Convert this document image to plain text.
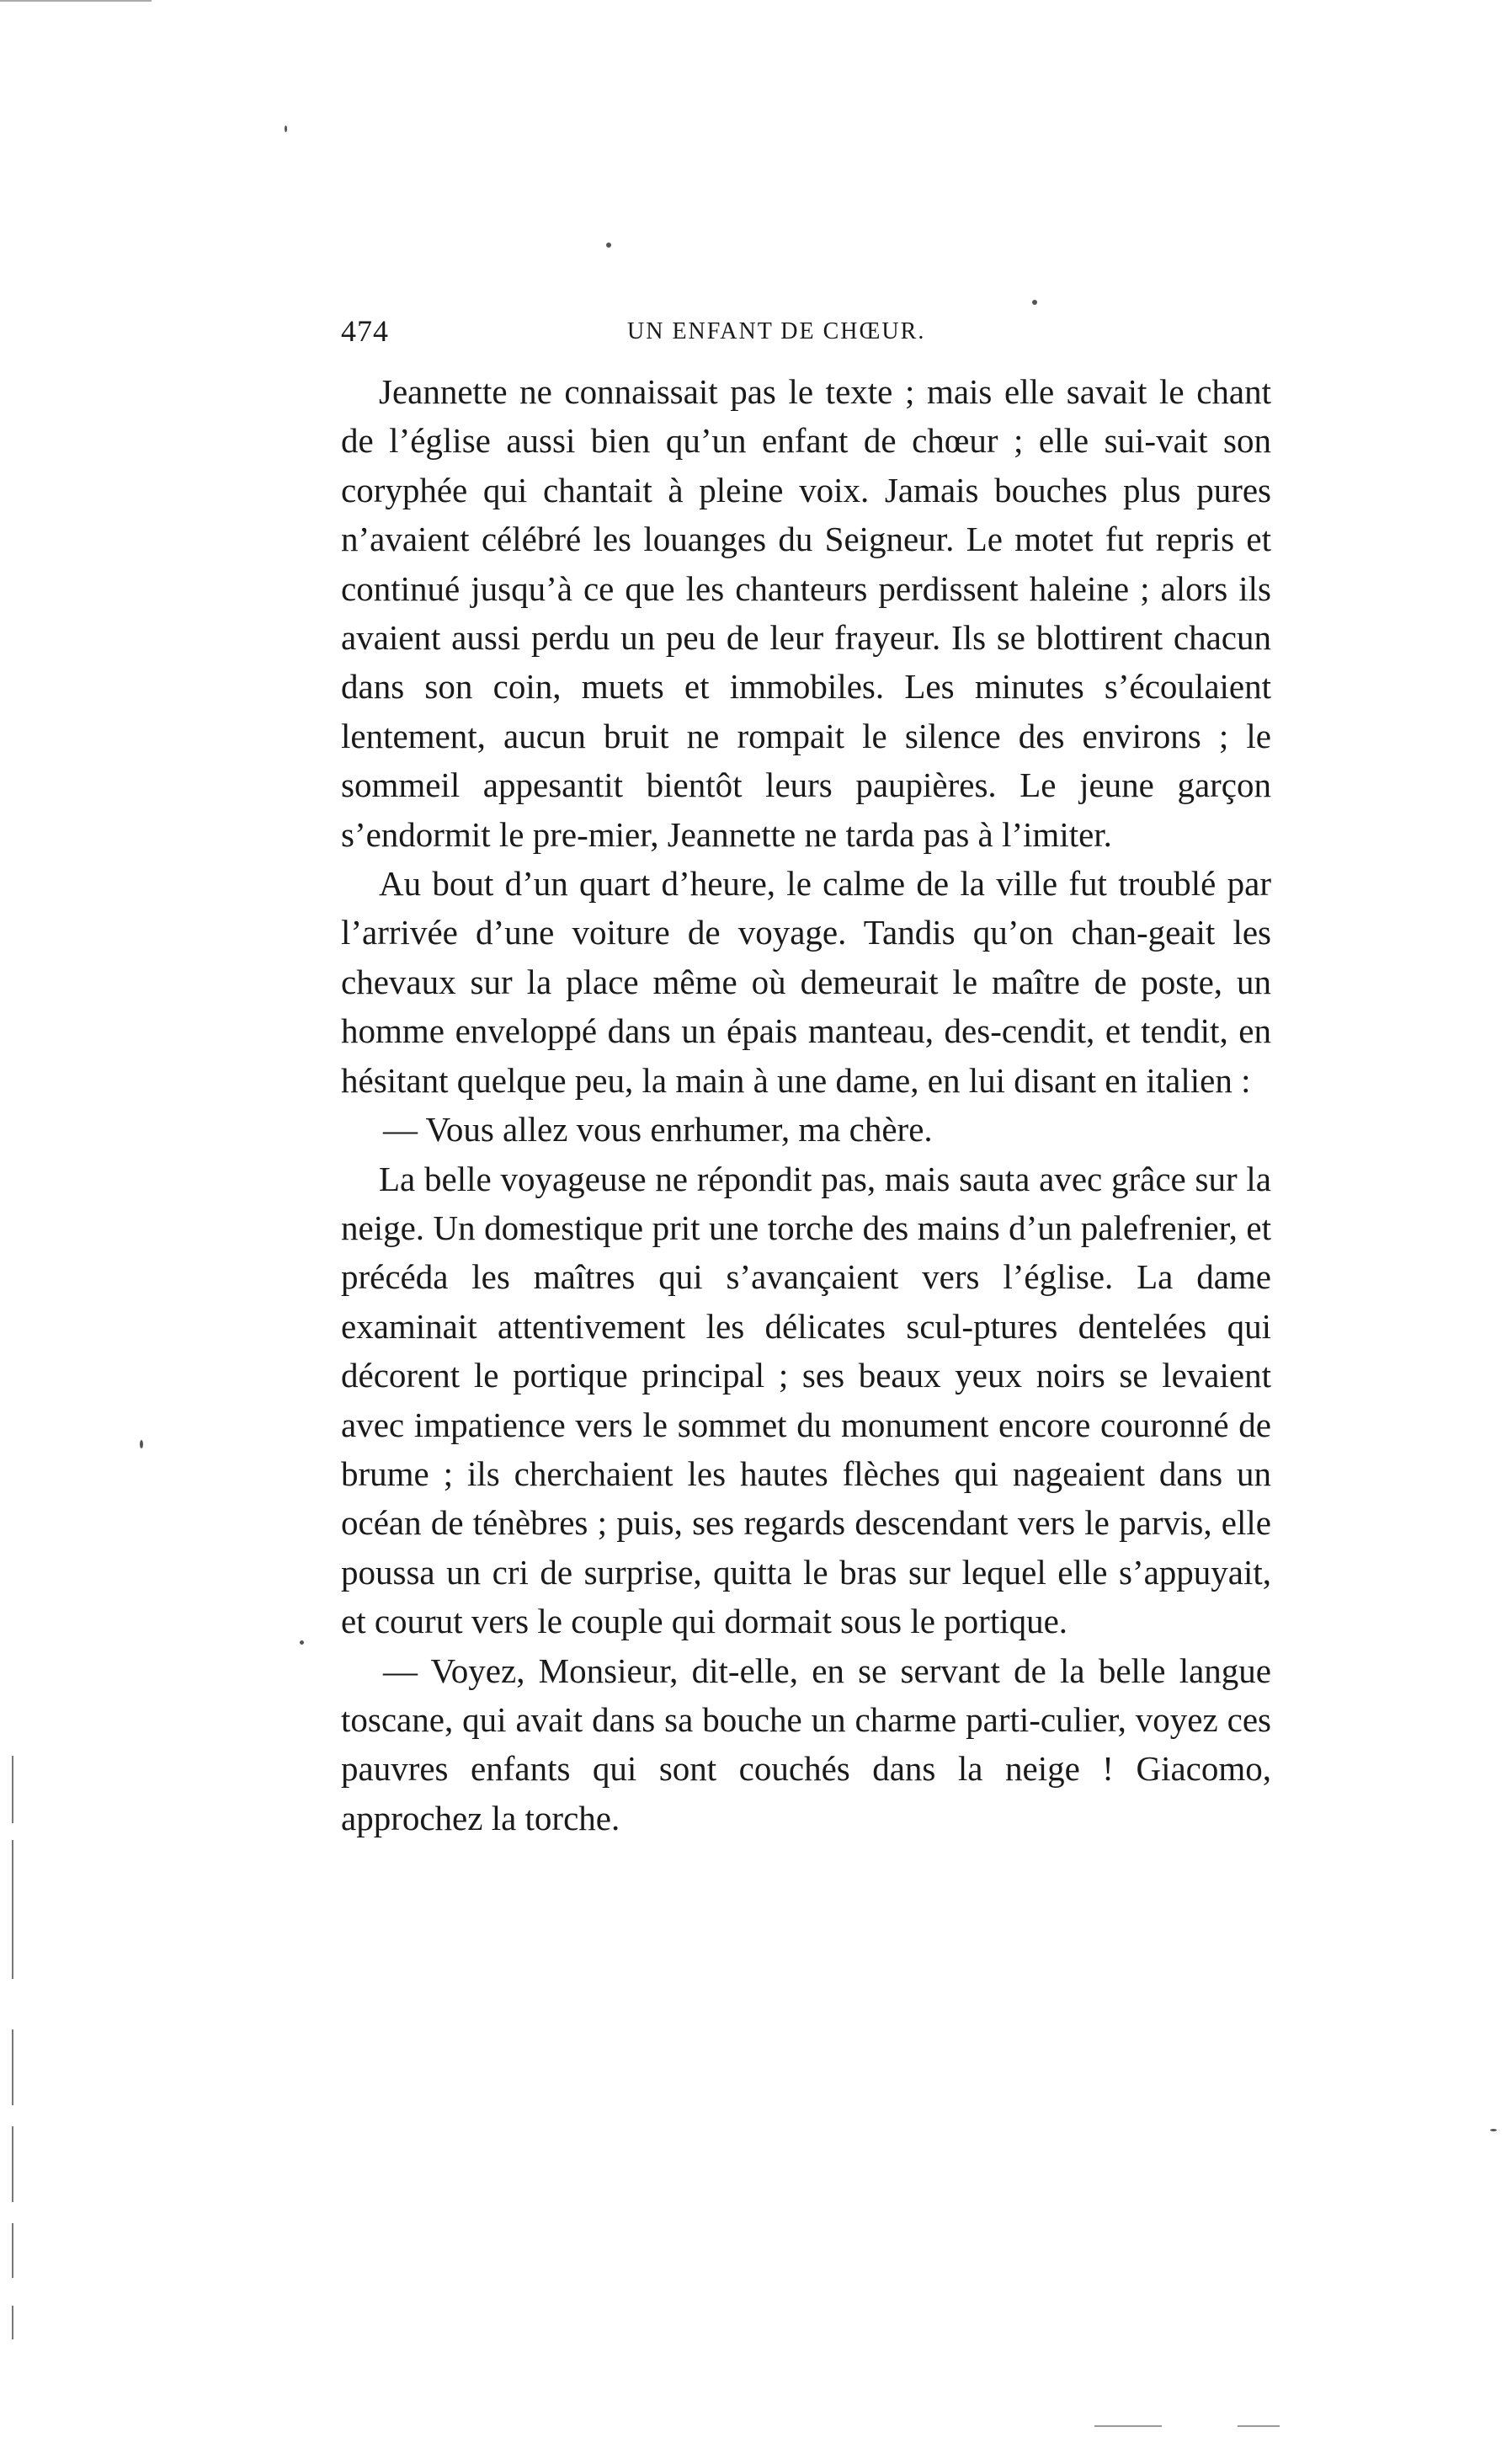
474	UN ENFANT DE CHŒUR.

Jeannette ne connaissait pas le texte ; mais elle savait le chant de l’église aussi bien qu’un enfant de chœur ; elle sui-vait son coryphée qui chantait à pleine voix. Jamais bouches plus pures n’avaient célébré les louanges du Seigneur. Le motet fut repris et continué jusqu’à ce que les chanteurs perdissent haleine ; alors ils avaient aussi perdu un peu de leur frayeur. Ils se blottirent chacun dans son coin, muets et immobiles. Les minutes s’écoulaient lentement, aucun bruit ne rompait le silence des environs ; le sommeil appesantit bientôt leurs paupières. Le jeune garçon s’endormit le pre-mier, Jeannette ne tarda pas à l’imiter.

Au bout d’un quart d’heure, le calme de la ville fut troublé par l’arrivée d’une voiture de voyage. Tandis qu’on chan-geait les chevaux sur la place même où demeurait le maître de poste, un homme enveloppé dans un épais manteau, des-cendit, et tendit, en hésitant quelque peu, la main à une dame, en lui disant en italien :

— Vous allez vous enrhumer, ma chère.

La belle voyageuse ne répondit pas, mais sauta avec grâce sur la neige. Un domestique prit une torche des mains d’un palefrenier, et précéda les maîtres qui s’avançaient vers l’église. La dame examinait attentivement les délicates scul-ptures dentelées qui décorent le portique principal ; ses beaux yeux noirs se levaient avec impatience vers le sommet du monument encore couronné de brume ; ils cherchaient les hautes flèches qui nageaient dans un océan de ténèbres ; puis, ses regards descendant vers le parvis, elle poussa un cri de surprise, quitta le bras sur lequel elle s’appuyait, et courut vers le couple qui dormait sous le portique.

— Voyez, Monsieur, dit-elle, en se servant de la belle langue toscane, qui avait dans sa bouche un charme parti-culier, voyez ces pauvres enfants qui sont couchés dans la neige ! Giacomo, approchez la torche.
